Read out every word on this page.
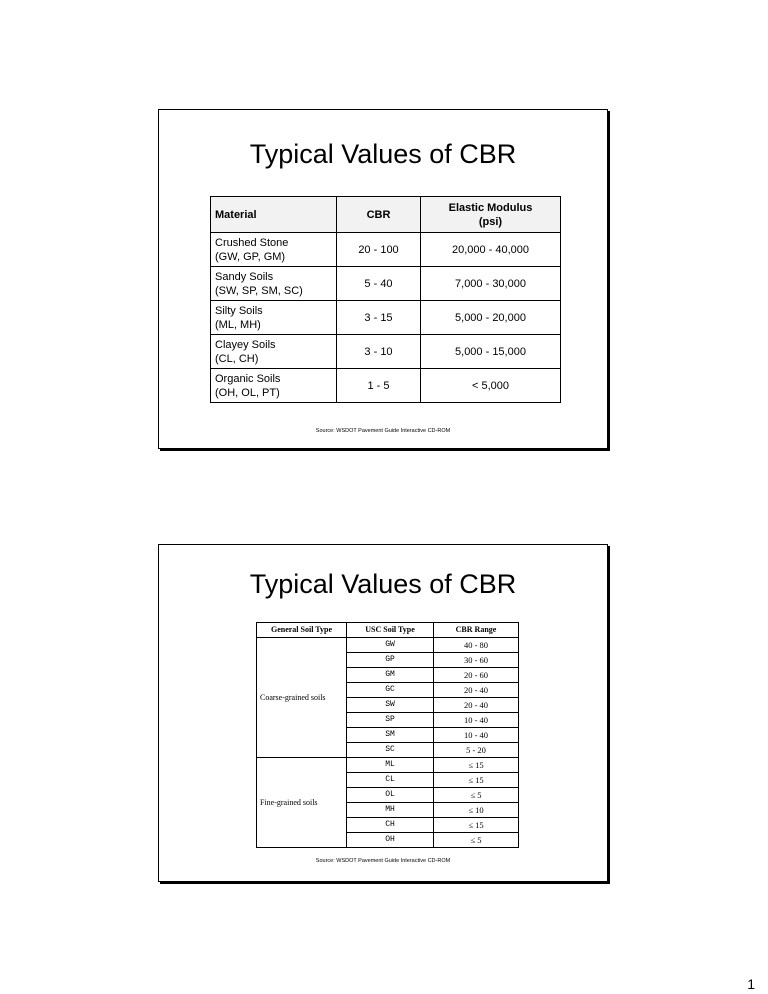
Typical Values of CBR
Material	CBR	Elastic Modulus
(psi)
Crushed Stone
(GW, GP, GM)	20 - 100	20,000 - 40,000
Sandy Soils
(SW, SP, SM, SC)	5 - 40	7,000 - 30,000
Silty Soils
(ML, MH)	3 - 15	5,000 - 20,000
Clayey Soils
(CL, CH)	3 - 10	5,000 - 15,000
Organic Soils
(OH, OL, PT)	1 - 5	< 5,000
Source: WSDOT Pavement Guide Interactive CD-ROM
Typical Values of CBR
General Soil Type	USC Soil Type	CBR Range
Coarse-grained soils	GW	40 - 80
	GP	30 - 60
	GM	20 - 60
	GC	20 - 40
	SW	20 - 40
	SP	10 - 40
	SM	10 - 40
	SC	5 - 20
Fine-grained soils	ML	≤ 15
	CL	≤ 15
	OL	≤ 5
	MH	≤ 10
	CH	≤ 15
	OH	≤ 5
Source: WSDOT Pavement Guide Interactive CD-ROM
1
